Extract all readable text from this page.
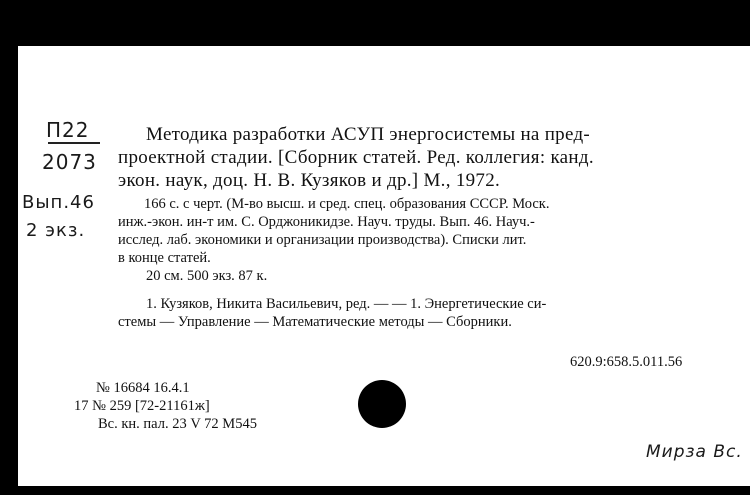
П22
2073
Вып.46
2 экз.
Методика разработки АСУП энергосистемы на пред-
проектной стадии. [Сборник статей. Ред. коллегия: канд.
экон. наук, доц. Н. В. Кузяков и др.] М., 1972.
166 с. с черт. (М-во высш. и сред. спец. образования СССР. Моск.
инж.-экон. ин-т им. С. Орджоникидзе. Науч. труды. Вып. 46. Науч.-
исслед. лаб. экономики и организации производства). Списки лит.
в конце статей.
20 см. 500 экз. 87 к.
1. Кузяков, Никита Васильевич, ред. — — 1. Энергетические си-
стемы — Управление — Математические методы — Сборники.
620.9:658.5.011.56
№ 16684 16.4.1
17 № 259 [72-21161ж]
Вс. кн. пал. 23 V 72 М545
Мирза Вс.
